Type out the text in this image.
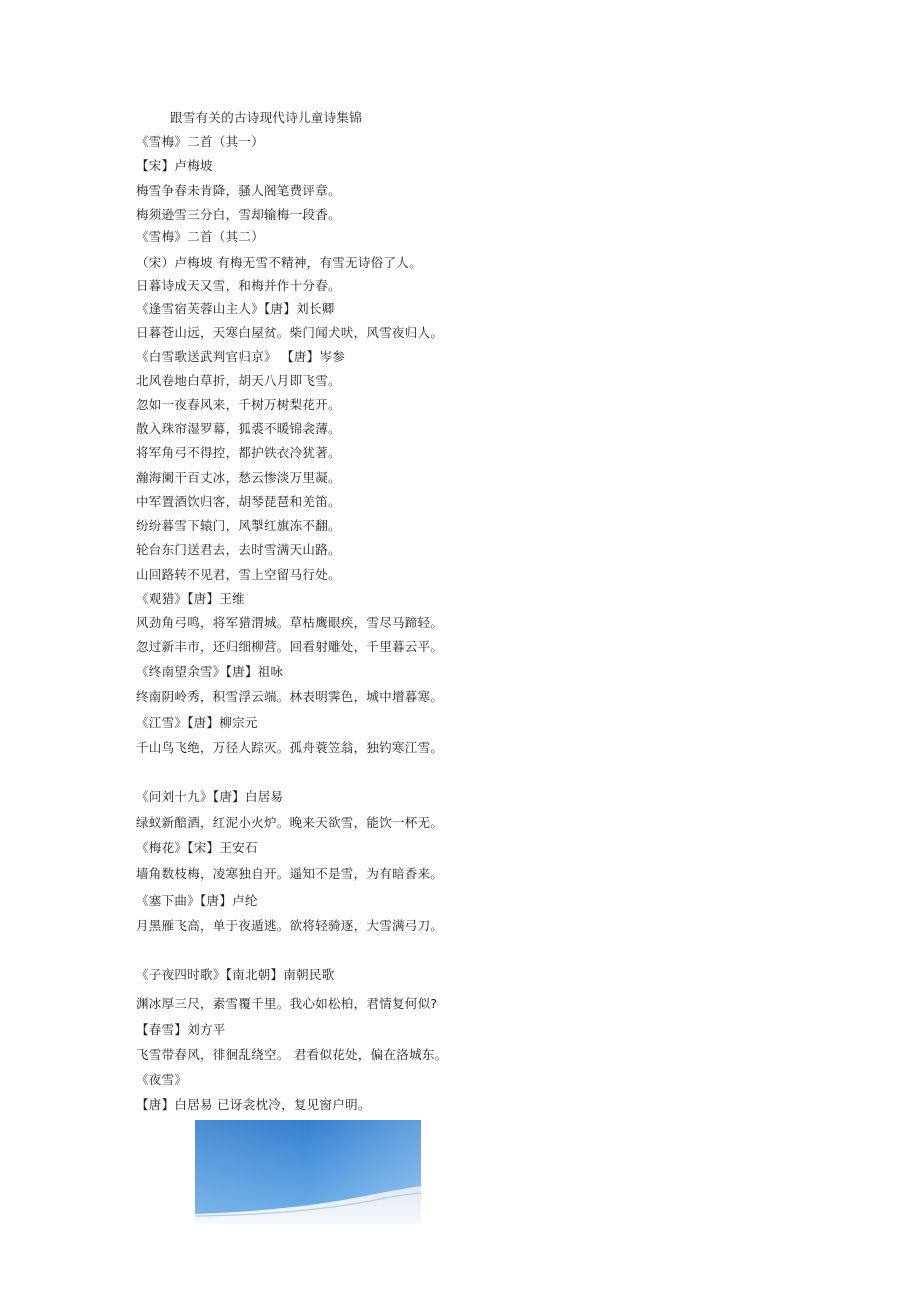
跟雪有关的古诗现代诗儿童诗集锦
《雪梅》二首（其一）
【宋】卢梅坡
梅雪争春未肯降，骚人阁笔费评章。
梅须逊雪三分白，雪却输梅一段香。
《雪梅》二首（其二）
（宋）卢梅坡 有梅无雪不精神，有雪无诗俗了人。
日暮诗成天又雪，和梅并作十分春。
《逢雪宿芙蓉山主人》【唐】刘长卿
日暮苍山远，天寒白屋贫。柴门闻犬吠，风雪夜归人。
《白雪歌送武判官归京》 【唐】岑参
北风卷地白草折，胡天八月即飞雪。
忽如一夜春风来，千树万树梨花开。
散入珠帘湿罗幕，狐裘不暖锦衾薄。
将军角弓不得控，都护铁衣冷犹著。
瀚海阑干百丈冰，愁云惨淡万里凝。
中军置酒饮归客，胡琴琵琶和羌笛。
纷纷暮雪下辕门，风掣红旗冻不翻。
轮台东门送君去，去时雪满天山路。
山回路转不见君，雪上空留马行处。
《观猎》【唐】王维
风劲角弓鸣，将军猎渭城。草枯鹰眼疾，雪尽马蹄轻。
忽过新丰市，还归细柳营。回看射雕处，千里暮云平。
《终南望余雪》【唐】祖咏
终南阴岭秀，积雪浮云端。林表明霁色，城中增暮寒。
《江雪》【唐】柳宗元
千山鸟飞绝，万径人踪灭。孤舟蓑笠翁，独钓寒江雪。
《问刘十九》【唐】白居易
绿蚁新醅酒，红泥小火炉。晚来天欲雪，能饮一杯无。
《梅花》【宋】王安石
墙角数枝梅，凌寒独自开。遥知不是雪，为有暗香来。
《塞下曲》【唐】卢纶
月黑雁飞高，单于夜遁逃。欲将轻骑逐，大雪满弓刀。
《子夜四时歌》【南北朝】南朝民歌
渊冰厚三尺，素雪覆千里。我心如松柏，君情复何似?
【春雪】刘方平
飞雪带春风，徘徊乱绕空。 君看似花处，偏在洛城东。
《夜雪》
【唐】白居易 已讶衾枕冷，复见窗户明。
